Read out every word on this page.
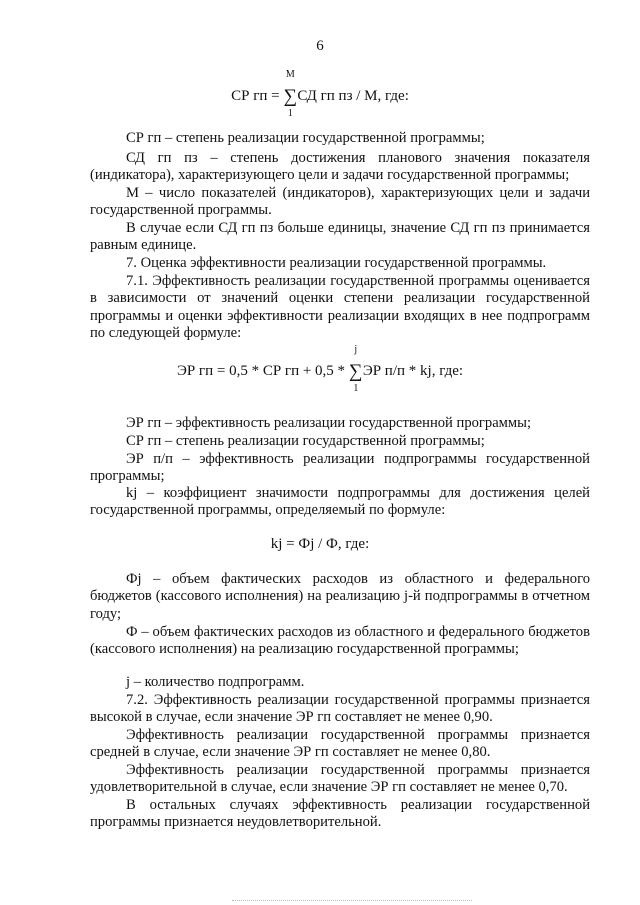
6
СР гп =
M
∑
1
СД гп пз / М, где:

СР гп – степень реализации государственной программы;

СД гп пз – степень достижения планового значения показателя (индикатора), характеризующего цели и задачи государственной программы;

М – число показателей (индикаторов), характеризующих цели и задачи государственной программы.

В случае если СД гп пз больше единицы, значение СД гп пз принимается равным единице.

7. Оценка эффективности реализации государственной программы.

7.1. Эффективность реализации государственной программы оценивается в зависимости от значений оценки степени реализации государственной программы и оценки эффективности реализации входящих в нее подпрограмм по следующей формуле:

ЭР гп = 0,5 * СР гп + 0,5 *
j
∑
1
ЭР п/п * kj, где:

ЭР гп – эффективность реализации государственной программы;

СР гп – степень реализации государственной программы;

ЭР п/п – эффективность реализации подпрограммы государственной программы;

kj – коэффициент значимости подпрограммы для достижения целей государственной программы, определяемый по формуле:

kj = Фj / Ф, где:

Фj – объем фактических расходов из областного и федерального бюджетов (кассового исполнения) на реализацию j-й подпрограммы в отчетном году;

Ф – объем фактических расходов из областного и федерального бюджетов (кассового исполнения) на реализацию государственной программы;

j – количество подпрограмм.

7.2. Эффективность реализации государственной программы признается высокой в случае, если значение ЭР гп составляет не менее 0,90.

Эффективность реализации государственной программы признается средней в случае, если значение ЭР гп составляет не менее 0,80.

Эффективность реализации государственной программы признается удовлетворительной в случае, если значение ЭР гп составляет не менее 0,70.

В остальных случаях эффективность реализации государственной программы признается неудовлетворительной.
